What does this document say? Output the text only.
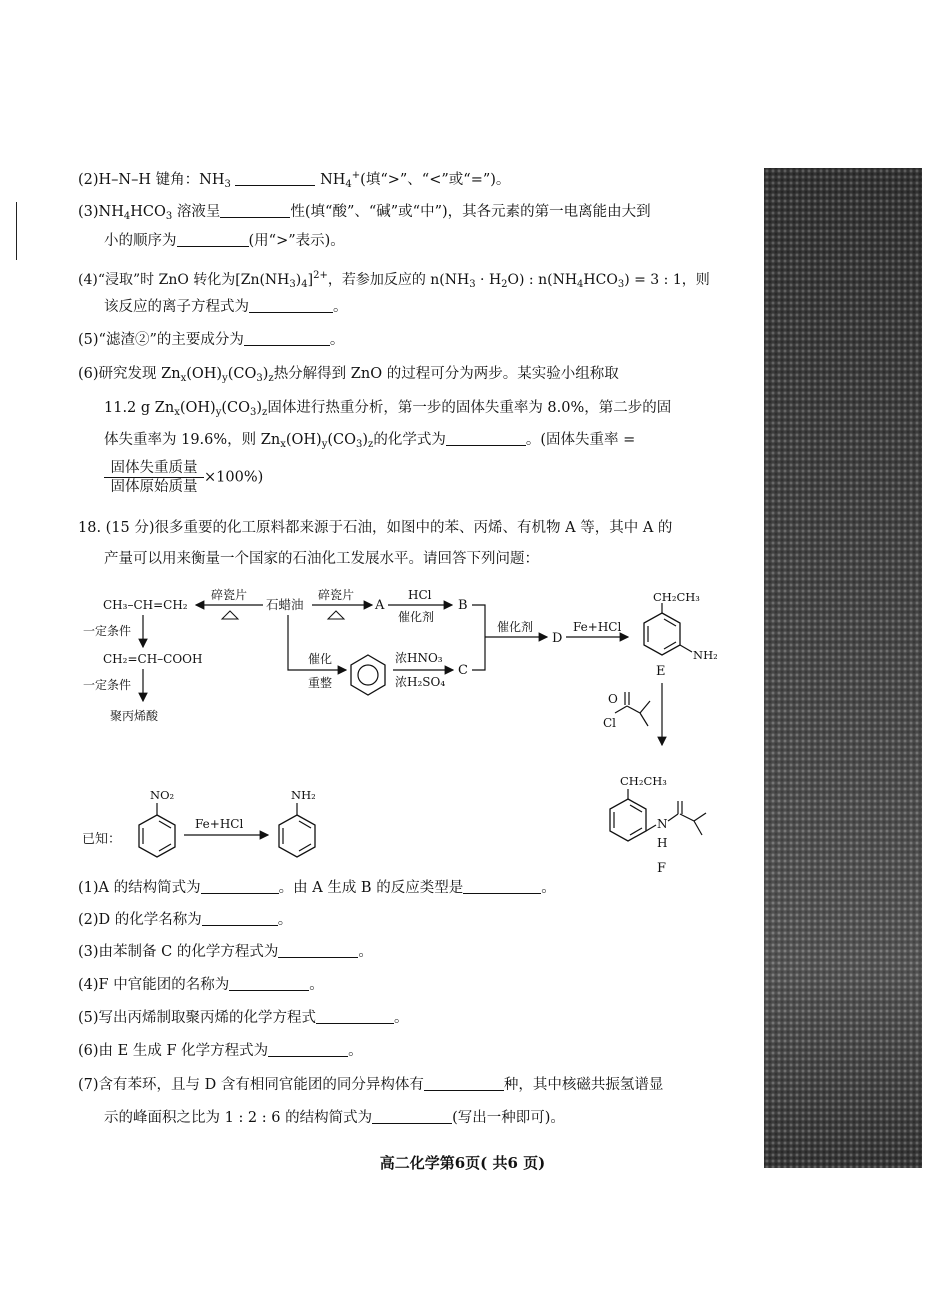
(2)H–N–H 键角：$NH_3$	$NH_4^+$(填“>”、“<”或“=”)。
$(3)NH_4HCO_3$ 溶液呈	性(填“酸”、“碱”或“中”)，其各元素的第一电离能由大到
小的顺序为	(用“>”表示)。
(4)“浸取”时 ZnO 转化为$[Zn(NH_3)_4]^{2+}$，若参加反应的 $n(NH_3 \cdot H_2O)$ : $n(NH_4HCO_3) = 3$ : 1，则
该反应的离子方程式为	。
(5)“滤渣②”的主要成分为	。
(6)研究发现 $Zn_x(OH)_y(CO_3)_z$热分解得到 ZnO 的过程可分为两步。某实验小组称取
11.2 g $Zn_x(OH)_y(CO_3)_z$固体进行热重分析，第一步的固体失重率为 8.0%，第二步的固
体失重率为 19.6%，则 $Zn_x(OH)_y(CO_3)_z$的化学式为	。(固体失重率 =
固体失重质量
固体原始质量
×100%)
18. (15 分)很多重要的化工原料都来源于石油，如图中的苯、丙烯、有机物 A 等，其中 A 的
产量可以用来衡量一个国家的石油化工发展水平。请回答下列问题：
CH₃–CH=CH₂
碎瓷片
石蜡油
碎瓷片
A
HCl
催化剂
B
催化剂
D
Fe+HCl
CH₂CH₃
NH₂
E
一定条件
CH₂=CH–COOH
一定条件
聚丙烯酸
催化
重整
浓HNO₃
浓H₂SO₄
C
O
Cl
CH₂CH₃
N
H
F
已知：
NO₂
Fe+HCl
NH₂
(1)A 的结构简式为	。由 A 生成 B 的反应类型是	。
(2)D 的化学名称为	。
(3)由苯制备 C 的化学方程式为	。
(4)F 中官能团的名称为	。
(5)写出丙烯制取聚丙烯的化学方程式	。
(6)由 E 生成 F 化学方程式为	。
(7)含有苯环，且与 D 含有相同官能团的同分异构体有	种，其中核磁共振氢谱显
示的峰面积之比为 1 : 2 : 6 的结构简式为	(写出一种即可)。
高二化学第6页( 共6 页)
